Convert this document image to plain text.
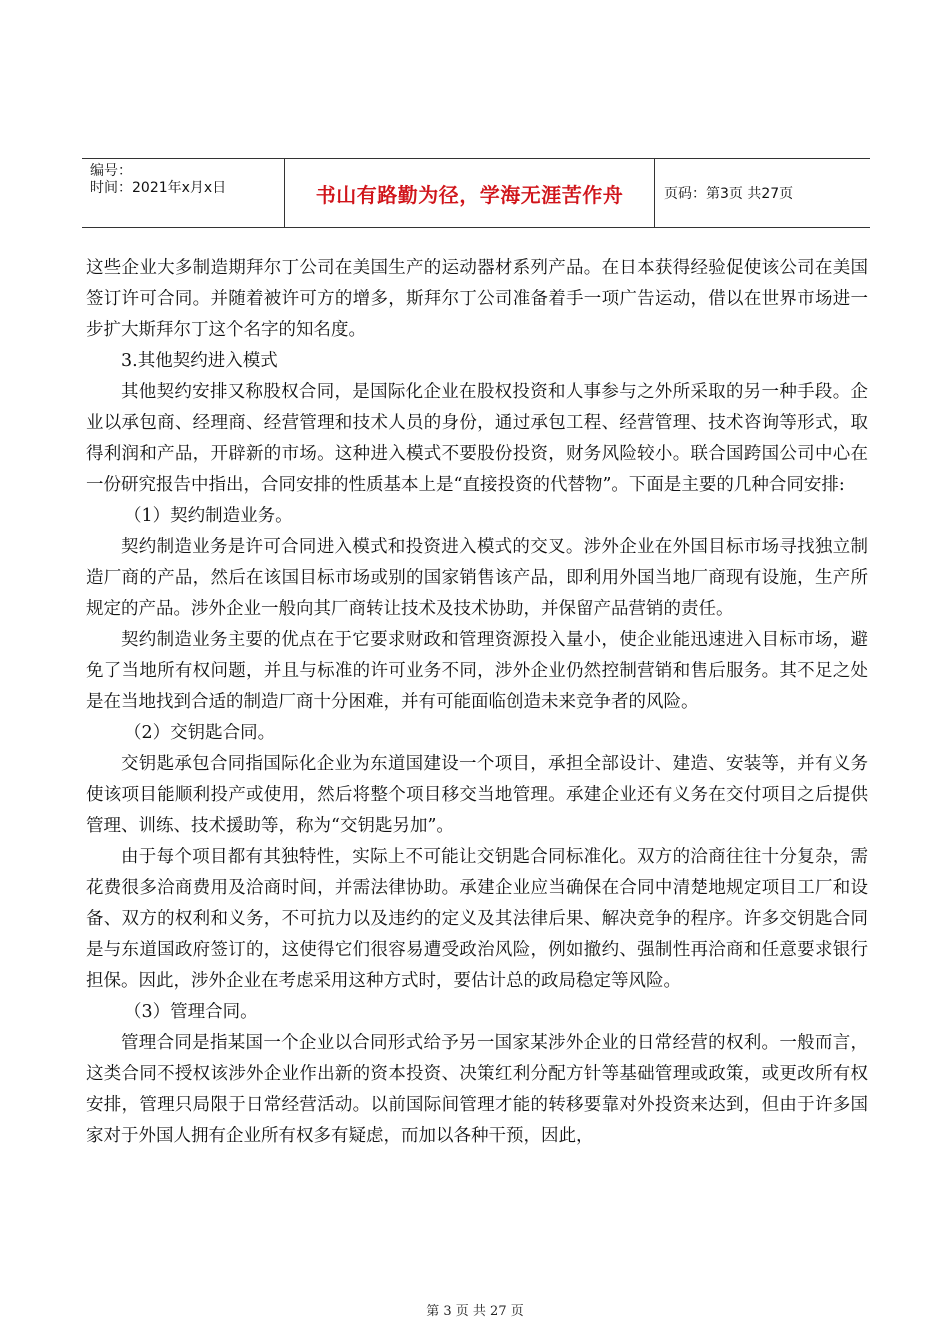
编号：
时间：2021年x月x日	书山有路勤为径，学海无涯苦作舟	页码：第3页 共27页

这些企业大多制造期拜尔丁公司在美国生产的运动器材系列产品。在日本获得经验促使该公司在美国签订许可合同。并随着被许可方的增多，斯拜尔丁公司准备着手一项广告运动，借以在世界市场进一步扩大斯拜尔丁这个名字的知名度。

3.其他契约进入模式

其他契约安排又称股权合同，是国际化企业在股权投资和人事参与之外所采取的另一种手段。企业以承包商、经理商、经营管理和技术人员的身份，通过承包工程、经营管理、技术咨询等形式，取得利润和产品，开辟新的市场。这种进入模式不要股份投资，财务风险较小。联合国跨国公司中心在一份研究报告中指出，合同安排的性质基本上是“直接投资的代替物”。下面是主要的几种合同安排:

（1）契约制造业务。

契约制造业务是许可合同进入模式和投资进入模式的交叉。涉外企业在外国目标市场寻找独立制造厂商的产品，然后在该国目标市场或别的国家销售该产品，即利用外国当地厂商现有设施，生产所规定的产品。涉外企业一般向其厂商转让技术及技术协助，并保留产品营销的责任。

契约制造业务主要的优点在于它要求财政和管理资源投入量小，使企业能迅速进入目标市场，避免了当地所有权问题，并且与标准的许可业务不同，涉外企业仍然控制营销和售后服务。其不足之处是在当地找到合适的制造厂商十分困难，并有可能面临创造未来竞争者的风险。

（2）交钥匙合同。

交钥匙承包合同指国际化企业为东道国建设一个项目，承担全部设计、建造、安装等，并有义务使该项目能顺利投产或使用，然后将整个项目移交当地管理。承建企业还有义务在交付项目之后提供管理、训练、技术援助等，称为“交钥匙另加”。

由于每个项目都有其独特性，实际上不可能让交钥匙合同标准化。双方的洽商往往十分复杂，需花费很多洽商费用及洽商时间，并需法律协助。承建企业应当确保在合同中清楚地规定项目工厂和设备、双方的权利和义务，不可抗力以及违约的定义及其法律后果、解决竞争的程序。许多交钥匙合同是与东道国政府签订的，这使得它们很容易遭受政治风险，例如撤约、强制性再洽商和任意要求银行担保。因此，涉外企业在考虑采用这种方式时，要估计总的政局稳定等风险。

（3）管理合同。

管理合同是指某国一个企业以合同形式给予另一国家某涉外企业的日常经营的权利。一般而言，这类合同不授权该涉外企业作出新的资本投资、决策红利分配方针等基础管理或政策，或更改所有权安排，管理只局限于日常经营活动。以前国际间管理才能的转移要靠对外投资来达到，但由于许多国家对于外国人拥有企业所有权多有疑虑，而加以各种干预，因此，

第 3 页 共 27 页
